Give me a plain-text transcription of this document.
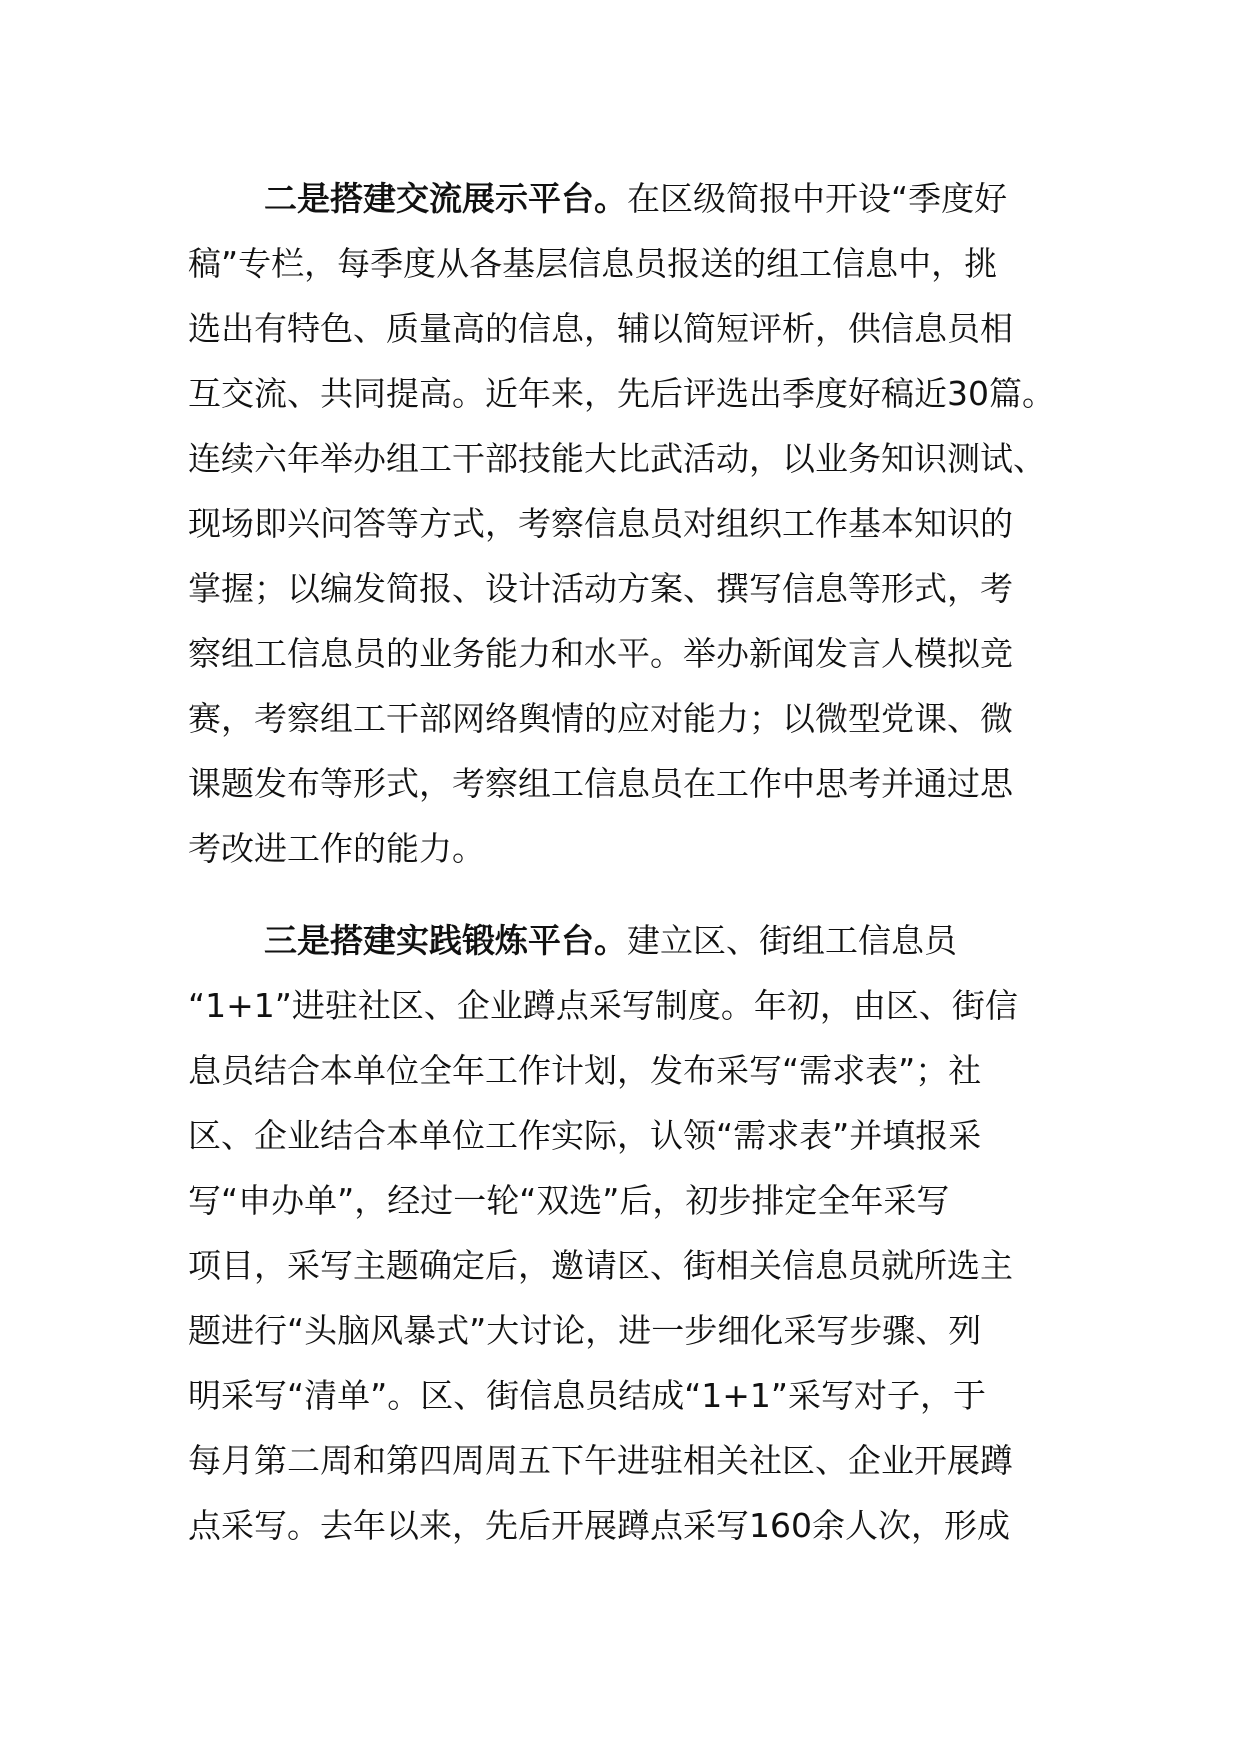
二是搭建交流展示平台。在区级简报中开设“季度好
稿”专栏，每季度从各基层信息员报送的组工信息中，挑
选出有特色、质量高的信息，辅以简短评析，供信息员相
互交流、共同提高。近年来，先后评选出季度好稿近30篇。
连续六年举办组工干部技能大比武活动，以业务知识测试、
现场即兴问答等方式，考察信息员对组织工作基本知识的
掌握；以编发简报、设计活动方案、撰写信息等形式，考
察组工信息员的业务能力和水平。举办新闻发言人模拟竞
赛，考察组工干部网络舆情的应对能力；以微型党课、微
课题发布等形式，考察组工信息员在工作中思考并通过思
考改进工作的能力。
三是搭建实践锻炼平台。建立区、街组工信息员
“1+1”进驻社区、企业蹲点采写制度。年初，由区、街信
息员结合本单位全年工作计划，发布采写“需求表”；社
区、企业结合本单位工作实际，认领“需求表”并填报采
写“申办单”，经过一轮“双选”后，初步排定全年采写
项目，采写主题确定后，邀请区、街相关信息员就所选主
题进行“头脑风暴式”大讨论，进一步细化采写步骤、列
明采写“清单”。区、街信息员结成“1+1”采写对子，于
每月第二周和第四周周五下午进驻相关社区、企业开展蹲
点采写。去年以来，先后开展蹲点采写160余人次，形成
